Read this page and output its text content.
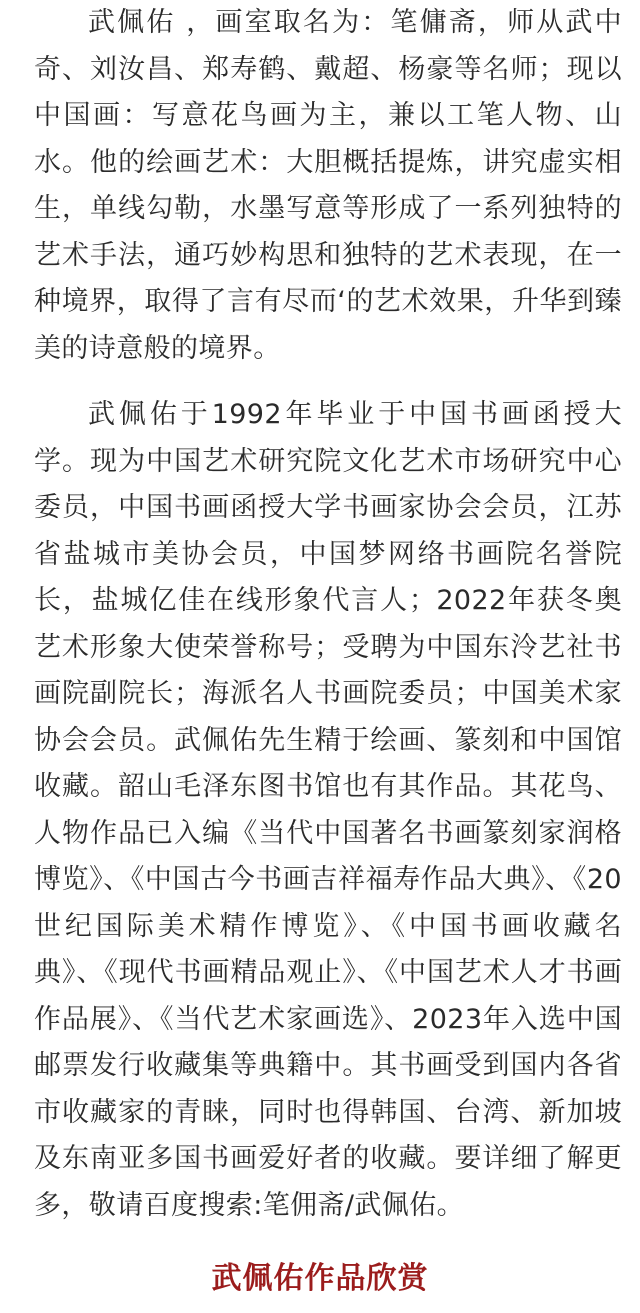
武佩佑 ，画室取名为：笔傭斋，师从武中奇、刘汝昌、郑寿鹤、戴超、杨豪等名师；现以中国画：写意花鸟画为主，兼以工笔人物、山水。他的绘画艺术：大胆概括提炼，讲究虚实相生，单线勾勒，水墨写意等形成了一系列独特的艺术手法，通巧妙构思和独特的艺术表现，在一种境界，取得了言有尽而‘的艺术效果，升华到臻美的诗意般的境界。

武佩佑于1992年毕业于中国书画函授大学。现为中国艺术研究院文化艺术市场研究中心委员，中国书画函授大学书画家协会会员，江苏省盐城市美协会员，中国梦网络书画院名誉院长，盐城亿佳在线形象代言人；2022年获冬奥艺术形象大使荣誉称号；受聘为中国东泠艺社书画院副院长；海派名人书画院委员；中国美术家协会会员。武佩佑先生精于绘画、篆刻和中国馆收藏。韶山毛泽东图书馆也有其作品。其花鸟、人物作品已入编《当代中国著名书画篆刻家润格博览》、《中国古今书画吉祥福寿作品大典》、《20世纪国际美术精作博览》、《中国书画收藏名典》、《现代书画精品观止》、《中国艺术人才书画作品展》、《当代艺术家画选》、2023年入选中国邮票发行收藏集等典籍中。其书画受到国内各省市收藏家的青睐，同时也得韩国、台湾、新加坡及东南亚多国书画爱好者的收藏。要详细了解更多，敬请百度搜索:笔佣斋/武佩佑。

武佩佑作品欣赏
